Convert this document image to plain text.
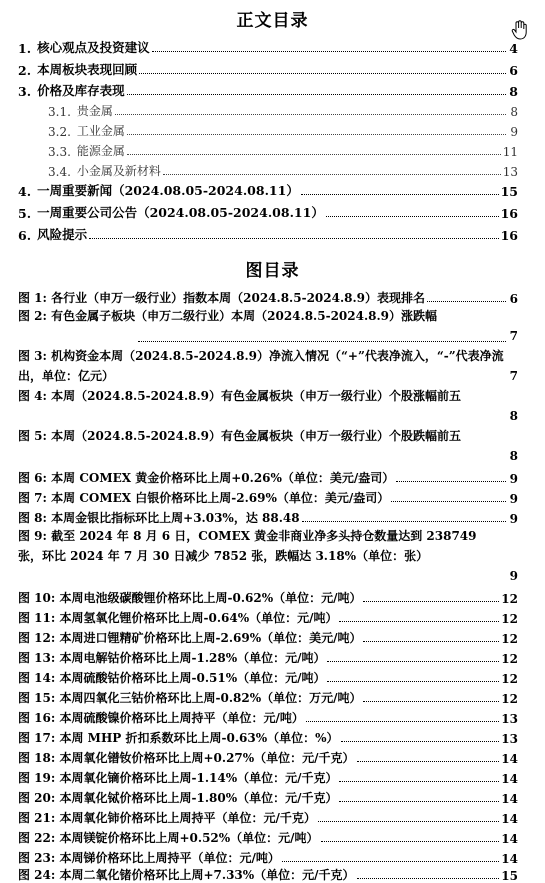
正文目录
1. 核心观点及投资建议	4
2. 本周板块表现回顾	6
3. 价格及库存表现	8
3.1. 贵金属	8
3.2. 工业金属	9
3.3. 能源金属	11
3.4. 小金属及新材料	13
4. 一周重要新闻（2024.08.05-2024.08.11）	15
5. 一周重要公司公告（2024.08.05-2024.08.11）	16
6. 风险提示	16
图目录
图 1: 各行业（申万一级行业）指数本周（2024.8.5-2024.8.9）表现排名	6
图 2: 有色金属子板块（申万二级行业）本周（2024.8.5-2024.8.9）涨跌幅
7
图 3: 机构资金本周（2024.8.5-2024.8.9）净流入情况（“+”代表净流入，“-”代表净流出，单位：亿元）	7
图 4: 本周（2024.8.5-2024.8.9）有色金属板块（申万一级行业）个股涨幅前五
8
图 5: 本周（2024.8.5-2024.8.9）有色金属板块（申万一级行业）个股跌幅前五
8
图 6: 本周 COMEX 黄金价格环比上周+0.26%（单位：美元/盎司）	9
图 7: 本周 COMEX 白银价格环比上周-2.69%（单位：美元/盎司）	9
图 8: 本周金银比指标环比上周+3.03%，达 88.48	9
图 9: 截至 2024 年 8 月 6 日，COMEX 黄金非商业净多头持仓数量达到 238749 张，环比 2024 年 7 月 30 日减少 7852 张，跌幅达 3.18%（单位：张）
9
图 10: 本周电池级碳酸锂价格环比上周-0.62%（单位：元/吨）	12
图 11: 本周氢氧化锂价格环比上周-0.64%（单位：元/吨）	12
图 12: 本周进口锂精矿价格环比上周-2.69%（单位：美元/吨）	12
图 13: 本周电解钴价格环比上周-1.28%（单位：元/吨）	12
图 14: 本周硫酸钴价格环比上周-0.51%（单位：元/吨）	12
图 15: 本周四氧化三钴价格环比上周-0.82%（单位：万元/吨）	12
图 16: 本周硫酸镍价格环比上周持平（单位：元/吨）	13
图 17: 本周 MHP 折扣系数环比上周-0.63%（单位：%）	13
图 18: 本周氧化镨钕价格环比上周+0.27%（单位：元/千克）	14
图 19: 本周氧化镝价格环比上周-1.14%（单位：元/千克）	14
图 20: 本周氧化铽价格环比上周-1.80%（单位：元/千克）	14
图 21: 本周氧化铈价格环比上周持平（单位：元/千克）	14
图 22: 本周镁锭价格环比上周+0.52%（单位：元/吨）	14
图 23: 本周锑价格环比上周持平（单位：元/吨）	14
图 24: 本周二氧化锗价格环比上周+7.33%（单位：元/千克）	15
